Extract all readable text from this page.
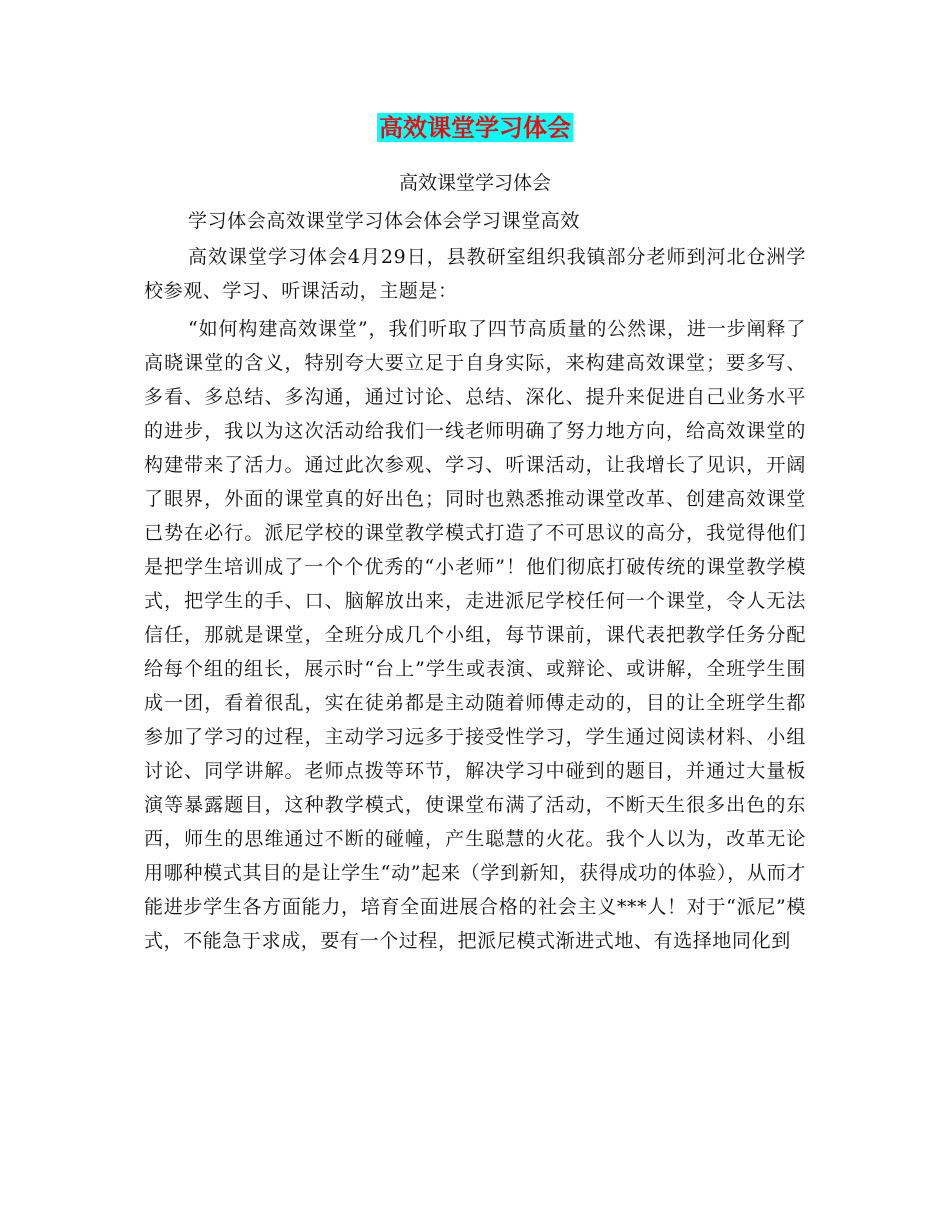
高效课堂学习体会
高效课堂学习体会

学习体会高效课堂学习体会体会学习课堂高效

高效课堂学习体会4月29日，县教研室组织我镇部分老师到河北仓洲学校参观、学习、听课活动，主题是：

“如何构建高效课堂”，我们听取了四节高质量的公然课，进一步阐释了高晓课堂的含义，特别夸大要立足于自身实际，来构建高效课堂；要多写、多看、多总结、多沟通，通过讨论、总结、深化、提升来促进自己业务水平的进步，我以为这次活动给我们一线老师明确了努力地方向，给高效课堂的构建带来了活力。通过此次参观、学习、听课活动，让我增长了见识，开阔了眼界，外面的课堂真的好出色；同时也熟悉推动课堂改革、创建高效课堂已势在必行。派尼学校的课堂教学模式打造了不可思议的高分，我觉得他们是把学生培训成了一个个优秀的“小老师”！他们彻底打破传统的课堂教学模式，把学生的手、口、脑解放出来，走进派尼学校任何一个课堂，令人无法信任，那就是课堂，全班分成几个小组，每节课前，课代表把教学任务分配给每个组的组长，展示时“台上”学生或表演、或辩论、或讲解，全班学生围成一团，看着很乱，实在徒弟都是主动随着师傅走动的，目的让全班学生都参加了学习的过程，主动学习远多于接受性学习，学生通过阅读材料、小组讨论、同学讲解。老师点拨等环节，解决学习中碰到的题目，并通过大量板演等暴露题目，这种教学模式，使课堂布满了活动，不断天生很多出色的东西，师生的思维通过不断的碰幢，产生聪慧的火花。我个人以为，改革无论用哪种模式其目的是让学生“动”起来（学到新知，获得成功的体验），从而才能进步学生各方面能力，培育全面进展合格的社会主义***人！对于“派尼”模式，不能急于求成，要有一个过程，把派尼模式渐进式地、有选择地同化到
